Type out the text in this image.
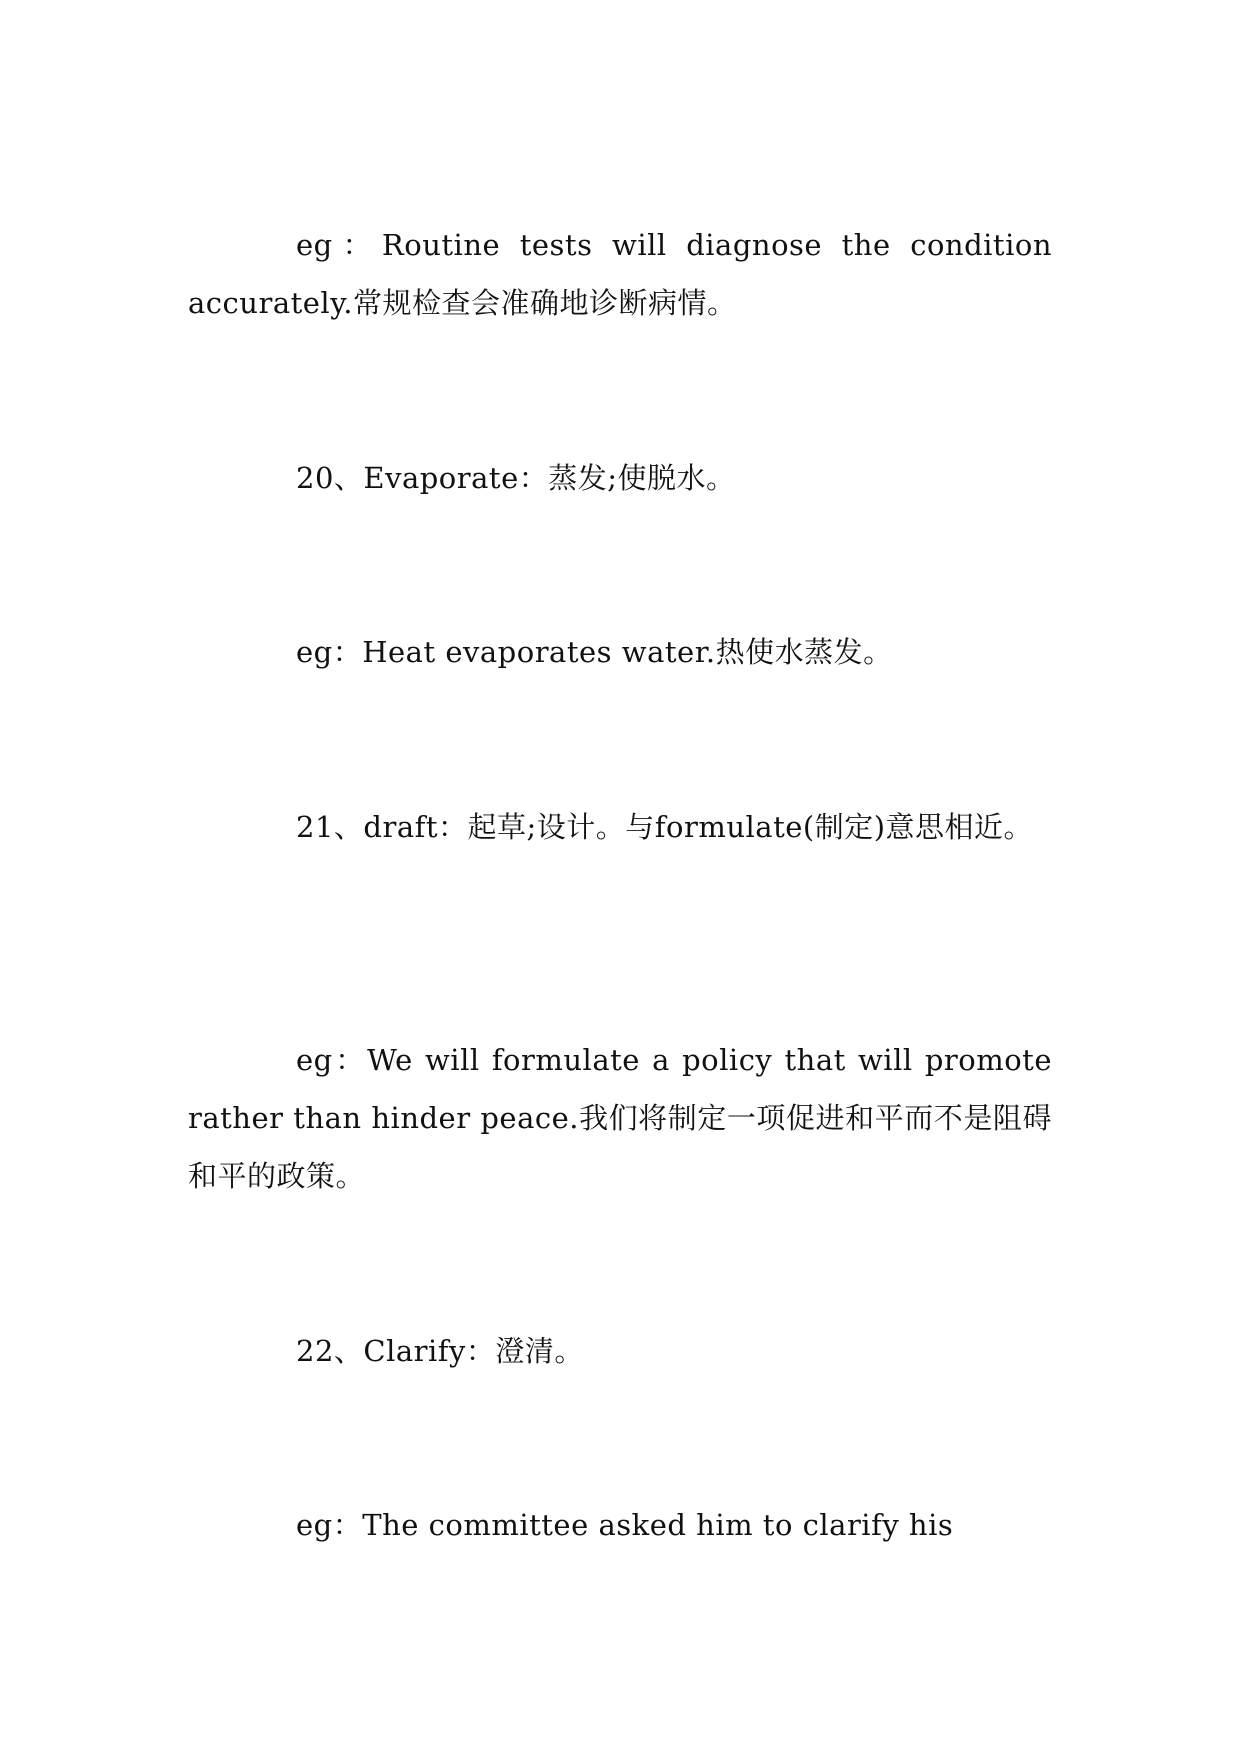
eg：Routine tests will diagnose the condition accurately.常规检查会准确地诊断病情。

20、Evaporate：蒸发;使脱水。

eg：Heat evaporates water.热使水蒸发。

21、draft：起草;设计。与formulate(制定)意思相近。

eg：We will formulate a policy that will promote rather than hinder peace.我们将制定一项促进和平而不是阻碍和平的政策。

22、Clarify：澄清。

eg：The committee asked him to clarify his
